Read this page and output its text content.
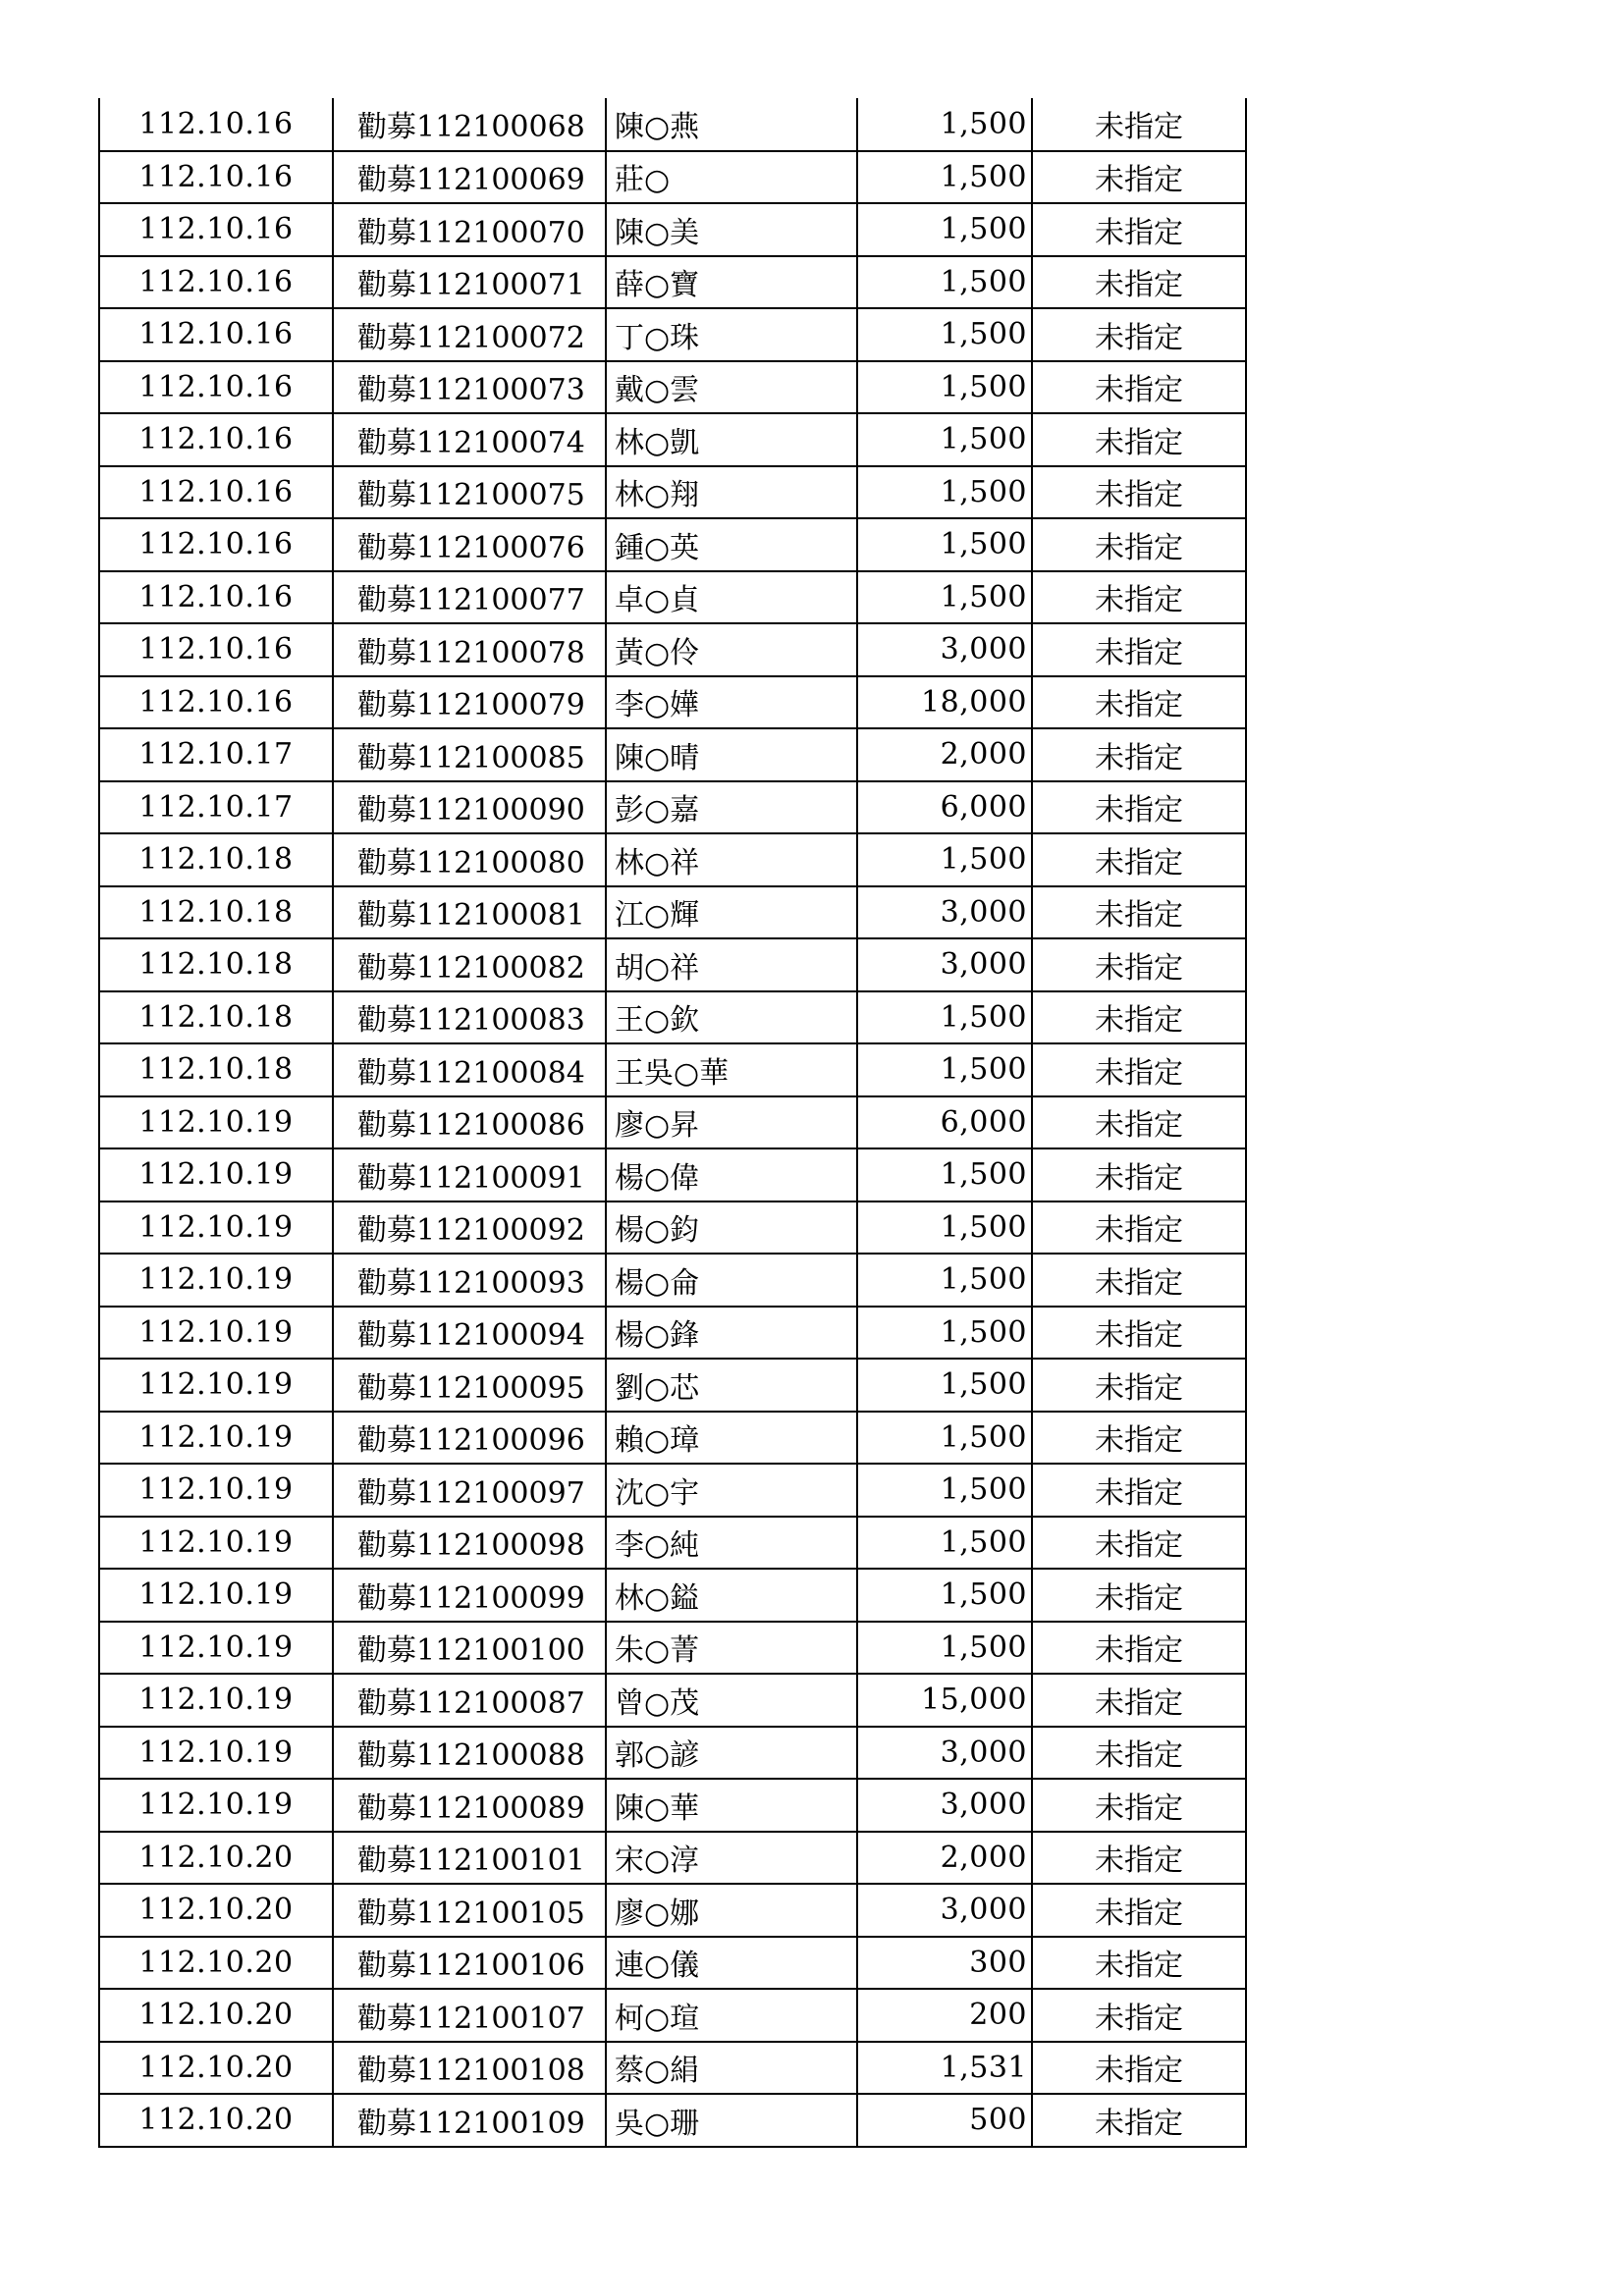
112.10.16	勸募112100068	陳○燕	1,500	未指定
112.10.16	勸募112100069	莊○	1,500	未指定
112.10.16	勸募112100070	陳○美	1,500	未指定
112.10.16	勸募112100071	薛○寶	1,500	未指定
112.10.16	勸募112100072	丁○珠	1,500	未指定
112.10.16	勸募112100073	戴○雲	1,500	未指定
112.10.16	勸募112100074	林○凱	1,500	未指定
112.10.16	勸募112100075	林○翔	1,500	未指定
112.10.16	勸募112100076	鍾○英	1,500	未指定
112.10.16	勸募112100077	卓○貞	1,500	未指定
112.10.16	勸募112100078	黃○伶	3,000	未指定
112.10.16	勸募112100079	李○嬅	18,000	未指定
112.10.17	勸募112100085	陳○晴	2,000	未指定
112.10.17	勸募112100090	彭○嘉	6,000	未指定
112.10.18	勸募112100080	林○祥	1,500	未指定
112.10.18	勸募112100081	江○輝	3,000	未指定
112.10.18	勸募112100082	胡○祥	3,000	未指定
112.10.18	勸募112100083	王○欽	1,500	未指定
112.10.18	勸募112100084	王吳○華	1,500	未指定
112.10.19	勸募112100086	廖○昇	6,000	未指定
112.10.19	勸募112100091	楊○偉	1,500	未指定
112.10.19	勸募112100092	楊○鈞	1,500	未指定
112.10.19	勸募112100093	楊○侖	1,500	未指定
112.10.19	勸募112100094	楊○鋒	1,500	未指定
112.10.19	勸募112100095	劉○芯	1,500	未指定
112.10.19	勸募112100096	賴○璋	1,500	未指定
112.10.19	勸募112100097	沈○宇	1,500	未指定
112.10.19	勸募112100098	李○純	1,500	未指定
112.10.19	勸募112100099	林○鎰	1,500	未指定
112.10.19	勸募112100100	朱○菁	1,500	未指定
112.10.19	勸募112100087	曾○茂	15,000	未指定
112.10.19	勸募112100088	郭○諺	3,000	未指定
112.10.19	勸募112100089	陳○華	3,000	未指定
112.10.20	勸募112100101	宋○淳	2,000	未指定
112.10.20	勸募112100105	廖○娜	3,000	未指定
112.10.20	勸募112100106	連○儀	300	未指定
112.10.20	勸募112100107	柯○瑄	200	未指定
112.10.20	勸募112100108	蔡○絹	1,531	未指定
112.10.20	勸募112100109	吳○珊	500	未指定
